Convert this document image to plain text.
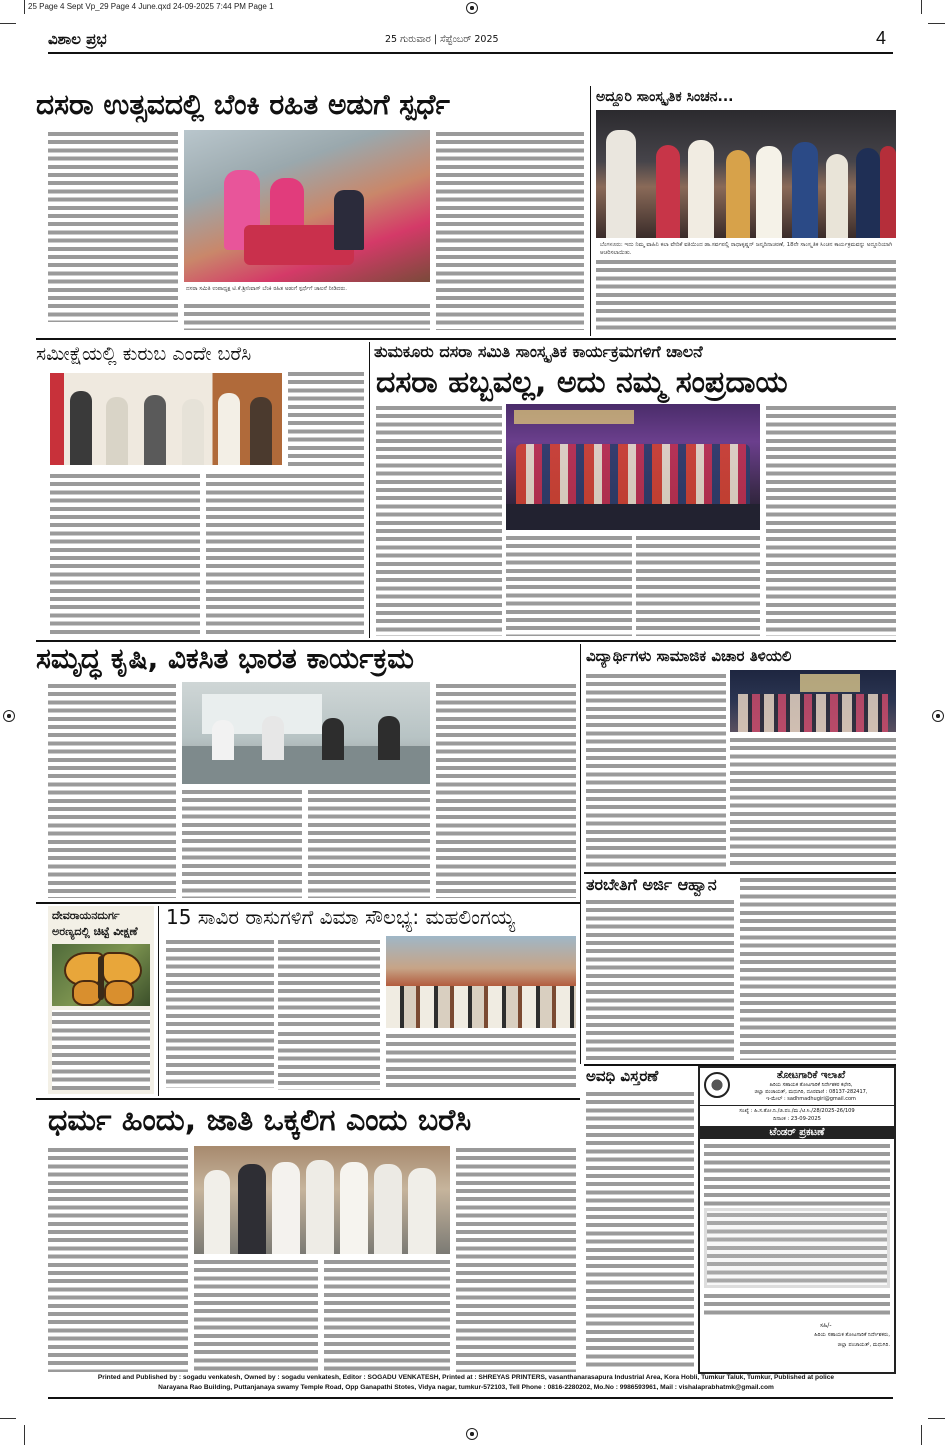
25 Page 4 Sept Vp_29 Page 4 June.qxd 24-09-2025 7:44 PM Page 1
ವಿಶಾಲ ಪ್ರಭ	25 ಗುರುವಾರ | ಸೆಪ್ಟೆಂಬರ್ 2025	4
ದಸರಾ ಉತ್ಸವದಲ್ಲಿ ಬೆಂಕಿ ರಹಿತ ಅಡುಗೆ ಸ್ಪರ್ಧೆ
ದಸರಾ ಸಮಿತಿ ಉಪಾಧ್ಯಕ್ಷ ಟಿ.ಕೆ.ಶ್ರೀನಿವಾಸ್ ಬೆಂಕಿ ರಹಿತ ಅಡುಗೆ ಸ್ಪರ್ಧೆಗೆ ಚಾಲನೆ ನೀಡಿದರು.
ಅದ್ದೂರಿ ಸಾಂಸ್ಕೃತಿಕ ಸಿಂಚನ...
ಬೆಂಗಳೂರು: ಇದು ನಿಮ್ಮ ವಾಹಿನಿ ಕಲಾ ವೇದಿಕೆ ವತಿಯಿಂದ ಡಾ.ಸರ್ವಪಲ್ಲಿ ರಾಧಾಕೃಷ್ಣನ್ ಜನ್ಮದಿನಾಚರಣೆ, 18ನೇ ಸಾಂಸ್ಕೃತಿಕ ಸಿಂಚನ ಕಾರ್ಯಕ್ರಮವನ್ನು ಅದ್ದೂರಿಯಾಗಿ ಆಚರಿಸಲಾಯಿತು.
ಸಮೀಕ್ಷೆಯಲ್ಲಿ ಕುರುಬ ಎಂದೇ ಬರೆಸಿ	ತುಮಕೂರು ದಸರಾ ಸಮಿತಿ ಸಾಂಸ್ಕೃತಿಕ ಕಾರ್ಯಕ್ರಮಗಳಿಗೆ ಚಾಲನೆ
ದಸರಾ ಹಬ್ಬವಲ್ಲ, ಅದು ನಮ್ಮ ಸಂಪ್ರದಾಯ
ಸಮೃದ್ಧ ಕೃಷಿ, ವಿಕಸಿತ ಭಾರತ ಕಾರ್ಯಕ್ರಮ	ವಿದ್ಯಾರ್ಥಿಗಳು ಸಾಮಾಜಿಕ ವಿಚಾರ ತಿಳಿಯಲಿ
ತರಬೇತಿಗೆ ಅರ್ಜಿ ಆಹ್ವಾನ
ದೇವರಾಯನದುರ್ಗ
ಅರಣ್ಯದಲ್ಲಿ ಚಿಟ್ಟೆ ವೀಕ್ಷಣೆ
15 ಸಾವಿರ ರಾಸುಗಳಿಗೆ ವಿಮಾ ಸೌಲಭ್ಯ: ಮಹಲಿಂಗಯ್ಯ
ಅವಧಿ ವಿಸ್ತರಣೆ	ತೋಟಗಾರಿಕೆ ಇಲಾಖೆ
ಹಿರಿಯ ಸಹಾಯಕ ತೋಟಗಾರಿಕೆ ನಿರ್ದೇಶಕರ ಕಛೇರಿ,
ಜಿಲ್ಲಾ ಪಂಚಾಯತ್, ಮಧುಗಿರಿ, ದೂರವಾಣಿ : 08137-282417,
ಇ-ಮೇಲ್ : sadhmadhugiri@gmail.com
ಸಂಖ್ಯೆ : ಹಿ.ಸ.ತೋ.ನಿ./ಜಿ.ಪಂ./ಮ./ಟಿ.ಸಿ./28/2025-26/109
ದಿನಾಂಕ : 23-09-2025
ಟೆಂಡರ್ ಪ್ರಕಟಣೆ
ಸಹಿ/-
ಹಿರಿಯ ಸಹಾಯಕ ತೋಟಗಾರಿಕೆ ನಿರ್ದೇಶಕರು,
ಜಿಲ್ಲಾ ಪಂಚಾಯತ್, ಮಧುಗಿರಿ.
ಧರ್ಮ ಹಿಂದು, ಜಾತಿ ಒಕ್ಕಲಿಗ ಎಂದು ಬರೆಸಿ
Printed and Published by : sogadu venkatesh, Owned by : sogadu venkatesh, Editor : SOGADU VENKATESH, Printed at : SHREYAS PRINTERS, vasanthanarasapura Industrial Area, Kora Hobli, Tumkur Taluk, Tumkur, Published at police
Narayana Rao Building, Puttanjanaya swamy Temple Road, Opp Ganapathi Stotes, Vidya nagar, tumkur-572103, Tell Phone : 0816-2280202, Mo.No : 9986593961, Mail : vishalaprabhatmk@gmail.com
